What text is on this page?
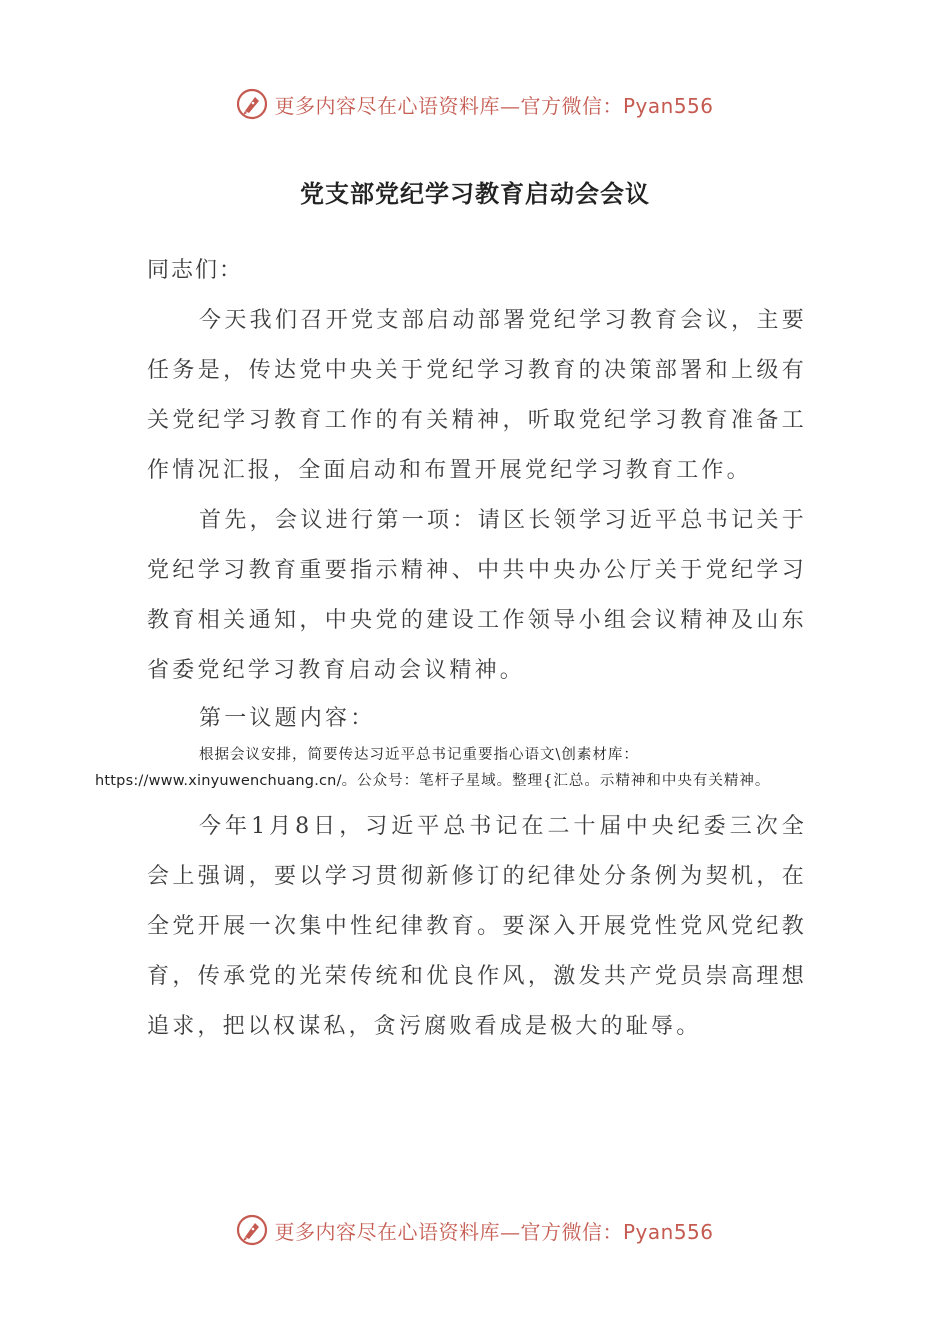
更多内容尽在心语资料库—官方微信：Pyan556
党支部党纪学习教育启动会会议
同志们：

今天我们召开党支部启动部署党纪学习教育会议，主要任务是，传达党中央关于党纪学习教育的决策部署和上级有关党纪学习教育工作的有关精神，听取党纪学习教育准备工作情况汇报，全面启动和布置开展党纪学习教育工作。

首先，会议进行第一项：请区长领学习近平总书记关于党纪学习教育重要指示精神、中共中央办公厅关于党纪学习教育相关通知，中央党的建设工作领导小组会议精神及山东省委党纪学习教育启动会议精神。

第一议题内容：

根据会议安排，简要传达习近平总书记重要指心语文\创素材库：
https://www.xinyuwenchuang.cn/。公众号：笔杆子星域。整理{汇总。示精神和中央有关精神。

今年1月8日，习近平总书记在二十届中央纪委三次全会上强调，要以学习贯彻新修订的纪律处分条例为契机，在全党开展一次集中性纪律教育。要深入开展党性党风党纪教育，传承党的光荣传统和优良作风，激发共产党员崇高理想追求，把以权谋私，贪污腐败看成是极大的耻辱。

更多内容尽在心语资料库—官方微信：Pyan556
